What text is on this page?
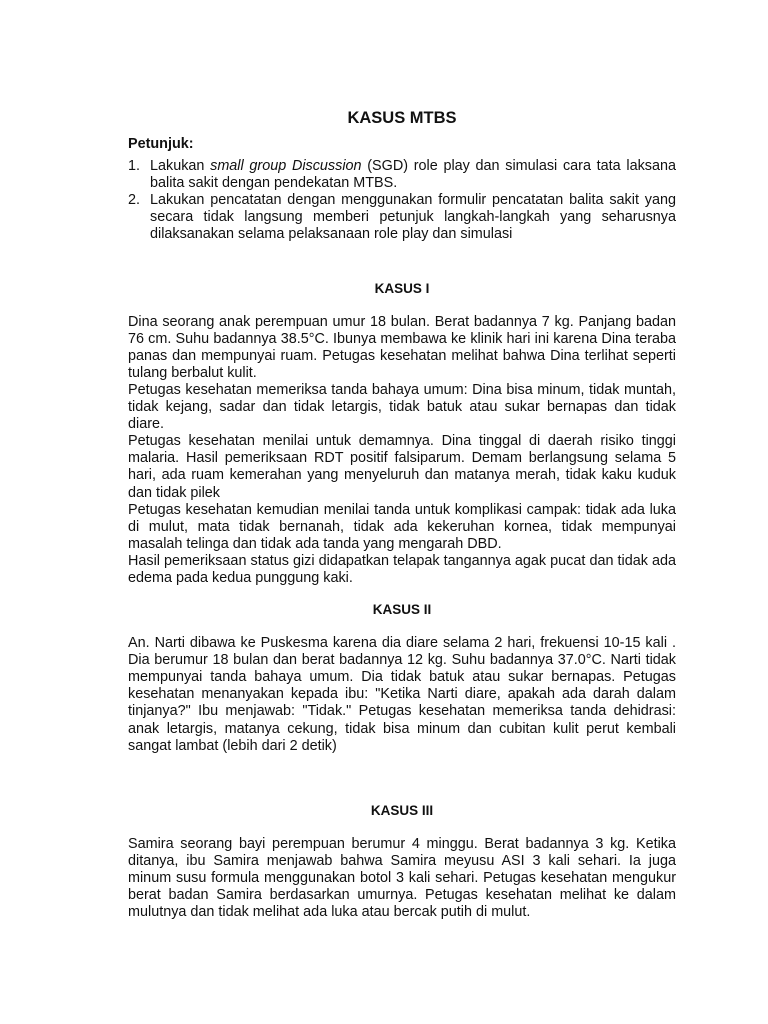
KASUS MTBS
Petunjuk:
1. Lakukan small group Discussion (SGD) role play dan simulasi cara tata laksana balita sakit dengan pendekatan MTBS.
2. Lakukan pencatatan dengan menggunakan formulir pencatatan balita sakit yang secara tidak langsung memberi petunjuk langkah-langkah yang seharusnya dilaksanakan selama pelaksanaan role play dan simulasi
KASUS I

Dina seorang anak perempuan umur 18 bulan. Berat badannya 7 kg. Panjang badan 76 cm. Suhu badannya 38.5°C. Ibunya membawa ke klinik hari ini karena Dina teraba panas dan mempunyai ruam. Petugas kesehatan melihat bahwa Dina terlihat seperti tulang berbalut kulit.

Petugas kesehatan memeriksa tanda bahaya umum: Dina bisa minum, tidak muntah, tidak kejang, sadar dan tidak letargis, tidak batuk atau sukar bernapas dan tidak diare.

Petugas kesehatan menilai untuk demamnya. Dina tinggal di daerah risiko tinggi malaria. Hasil pemeriksaan RDT positif falsiparum. Demam berlangsung selama 5 hari, ada ruam kemerahan yang menyeluruh dan matanya merah, tidak kaku kuduk dan tidak pilek

Petugas kesehatan kemudian menilai tanda untuk komplikasi campak: tidak ada luka di mulut, mata tidak bernanah, tidak ada kekeruhan kornea, tidak mempunyai masalah telinga dan tidak ada tanda yang mengarah DBD.

Hasil pemeriksaan status gizi didapatkan telapak tangannya agak pucat dan tidak ada edema pada kedua punggung kaki.

KASUS II

An. Narti dibawa ke Puskesma karena dia diare selama 2 hari, frekuensi 10-15 kali . Dia berumur 18 bulan dan berat badannya 12 kg. Suhu badannya 37.0°C. Narti tidak mempunyai tanda bahaya umum. Dia tidak batuk atau sukar bernapas. Petugas kesehatan menanyakan kepada ibu: "Ketika Narti diare, apakah ada darah dalam tinjanya?" Ibu menjawab: "Tidak." Petugas kesehatan memeriksa tanda dehidrasi: anak letargis, matanya cekung, tidak bisa minum dan cubitan kulit perut kembali sangat lambat (lebih dari 2 detik)

KASUS III

Samira seorang bayi perempuan berumur 4 minggu. Berat badannya 3 kg. Ketika ditanya, ibu Samira menjawab bahwa Samira meyusu ASI 3 kali sehari. Ia juga minum susu formula menggunakan botol 3 kali sehari. Petugas kesehatan mengukur berat badan Samira berdasarkan umurnya. Petugas kesehatan melihat ke dalam mulutnya dan tidak melihat ada luka atau bercak putih di mulut.
